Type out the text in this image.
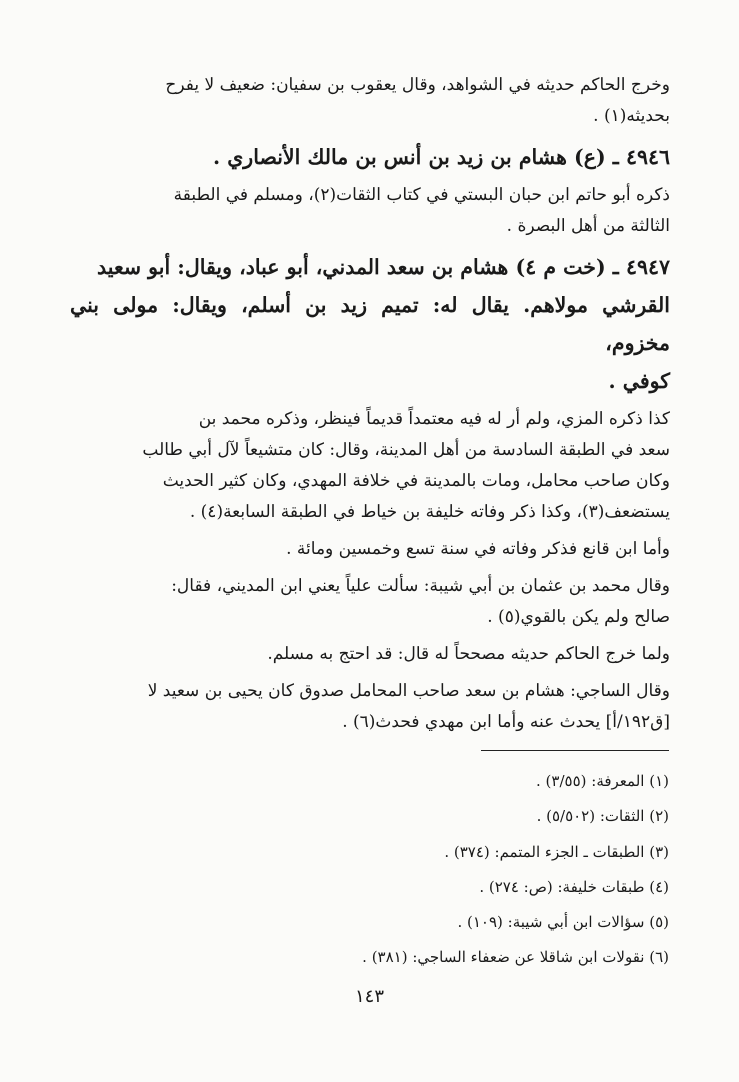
وخرج الحاكم حديثه في الشواهد، وقال يعقوب بن سفيان: ضعيف لا يفرح

بحديثه(١) .

٤٩٤٦ ـ (ع) هشام بن زيد بن أنس بن مالك الأنصاري .

ذكره أبو حاتم ابن حبان البستي في كتاب الثقات(٢)، ومسلم في الطبقة

الثالثة من أهل البصرة .

٤٩٤٧ ـ (خت م ٤) هشام بن سعد المدني، أبو عباد، ويقال: أبو سعيد
القرشي مولاهم. يقال له: تميم زيد بن أسلم، ويقال: مولى بني مخزوم،
كوفي .

كذا ذكره المزي، ولم أر له فيه معتمداً قديماً فينظر، وذكره محمد بن

سعد في الطبقة السادسة من أهل المدينة، وقال: كان متشيعاً لآل أبي طالب

وكان صاحب محامل، ومات بالمدينة في خلافة المهدي، وكان كثير الحديث

يستضعف(٣)، وكذا ذكر وفاته خليفة بن خياط في الطبقة السابعة(٤) .

وأما ابن قانع فذكر وفاته في سنة تسع وخمسين ومائة .

وقال محمد بن عثمان بن أبي شيبة: سألت علياً يعني ابن المديني، فقال:

صالح ولم يكن بالقوي(٥) .

ولما خرج الحاكم حديثه مصححاً له قال: قد احتج به مسلم.

وقال الساجي: هشام بن سعد صاحب المحامل صدوق كان يحيى بن سعيد لا

[ق١٩٢/أ] يحدث عنه وأما ابن مهدي فحدث(٦) .

(١) المعرفة: (٣/٥٥) .
(٢) الثقات: (٥/٥٠٢) .
(٣) الطبقات ـ الجزء المتمم: (٣٧٤) .
(٤) طبقات خليفة: (ص: ٢٧٤) .
(٥) سؤالات ابن أبي شيبة: (١٠٩) .
(٦) نقولات ابن شاقلا عن ضعفاء الساجي: (٣٨١) .
١٤٣
